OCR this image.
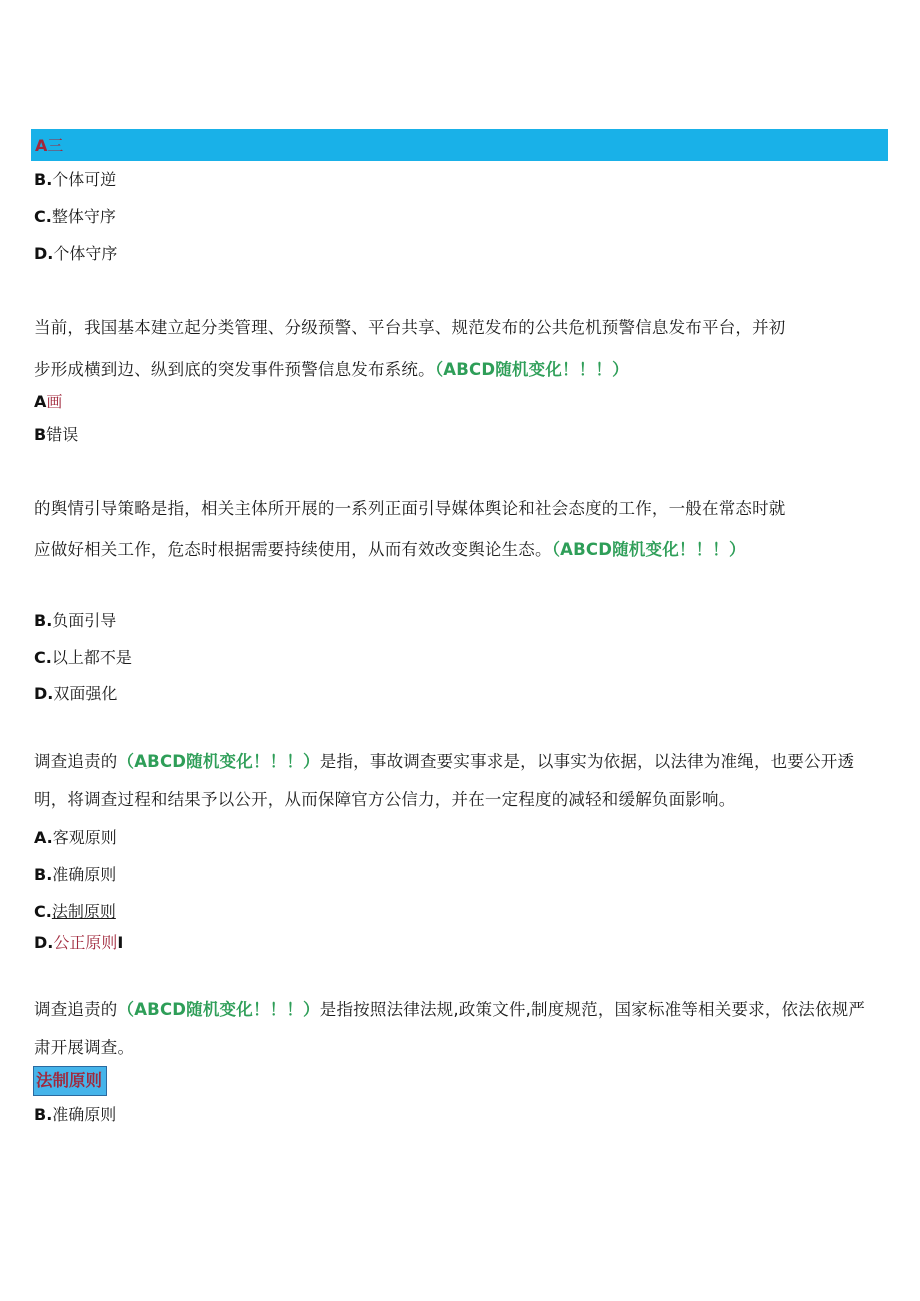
A三
B.个体可逆
C.整体守序
D.个体守序
当前，我国基本建立起分类管理、分级预警、平台共享、规范发布的公共危机预警信息发布平台，并初
步形成横到边、纵到底的突发事件预警信息发布系统。（ABCD随机变化！！！）
A画
B错误
的舆情引导策略是指，相关主体所开展的一系列正面引导媒体舆论和社会态度的工作，一般在常态时就
应做好相关工作，危态时根据需要持续使用，从而有效改变舆论生态。（ABCD随机变化！！！）
B.负面引导
C.以上都不是
D.双面强化
调查追责的（ABCD随机变化！！！）是指，事故调查要实事求是，以事实为依据，以法律为准绳，也要公开透
明，将调查过程和结果予以公开，从而保障官方公信力，并在一定程度的减轻和缓解负面影响。
A.客观原则
B.准确原则
C.法制原则
D.公正原则I
调查追责的（ABCD随机变化！！！）是指按照法律法规,政策文件,制度规范，国家标准等相关要求，依法依规严
肃开展调查。
法制原则
B.准确原则
